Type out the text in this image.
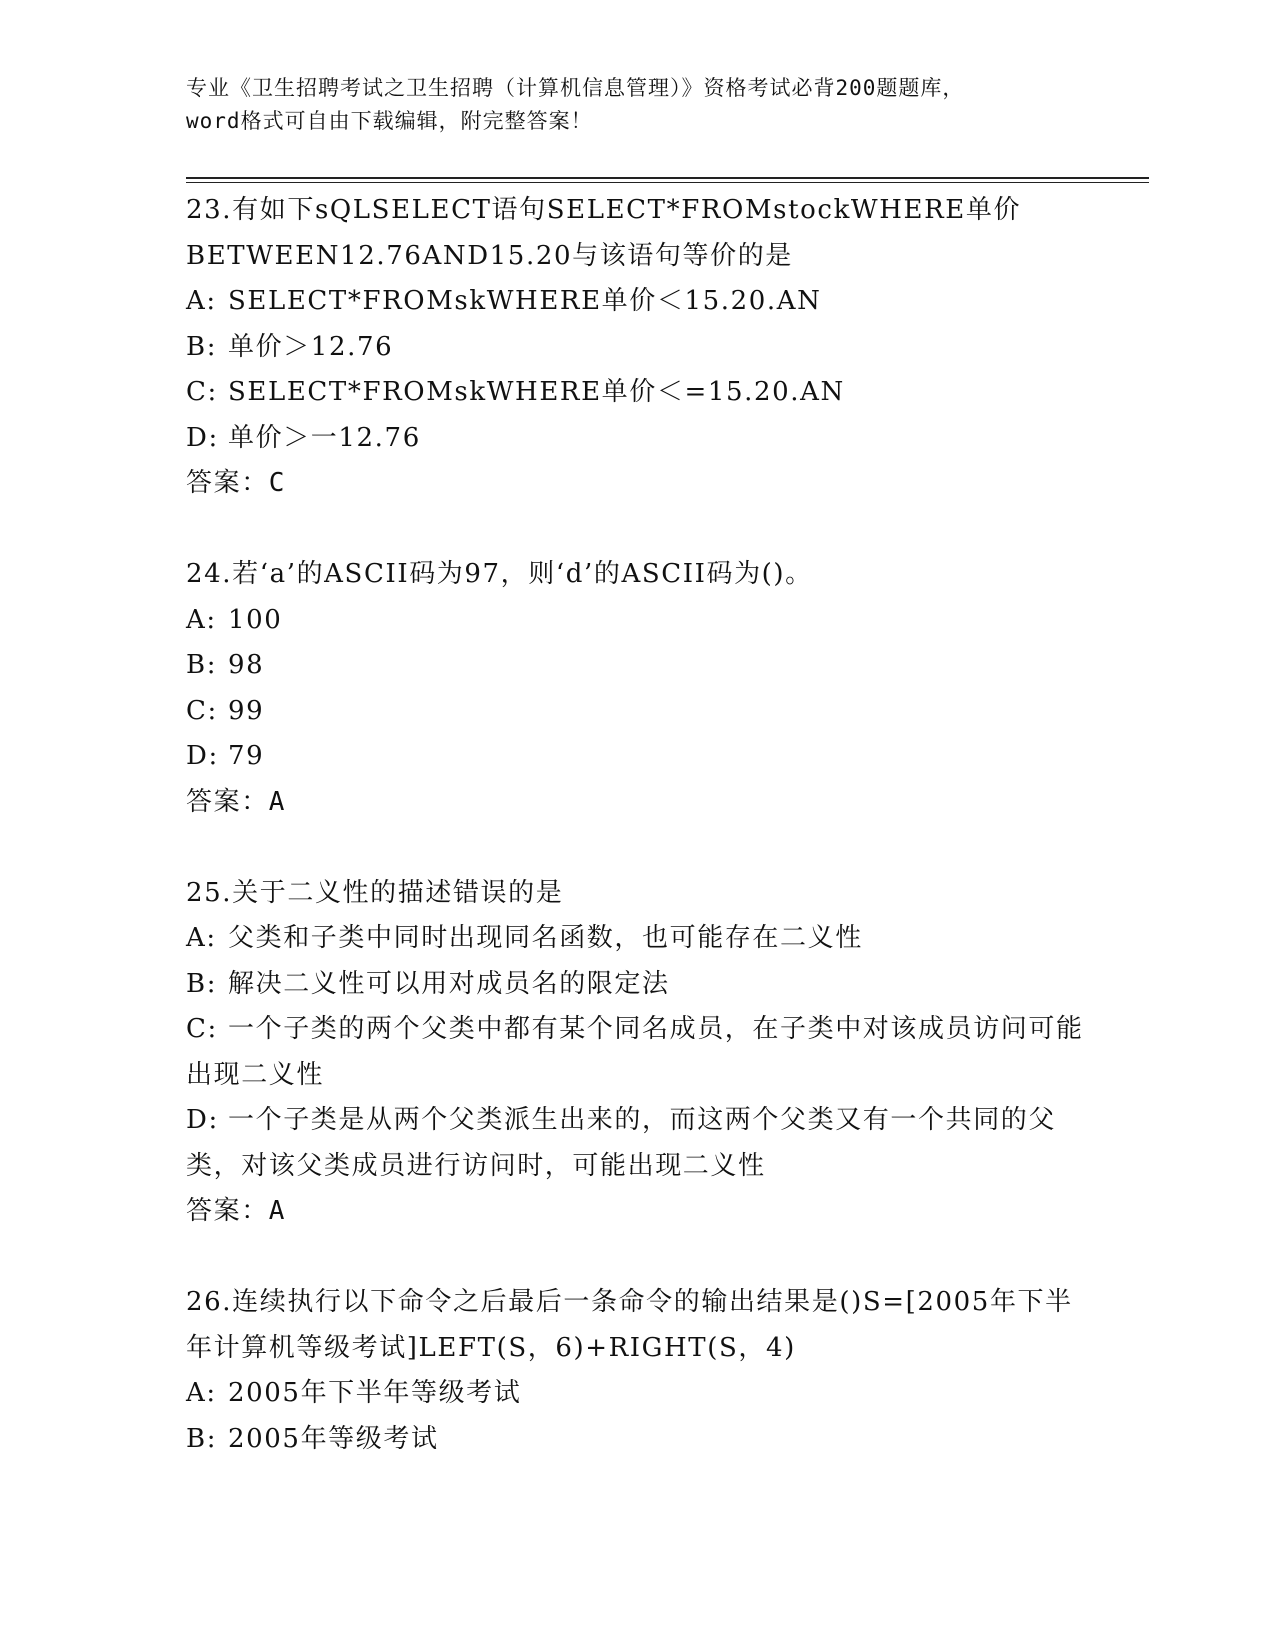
专业《卫生招聘考试之卫生招聘（计算机信息管理）》资格考试必背200题题库，
word格式可自由下载编辑，附完整答案！

23.有如下sQLSELECT语句SELECT*FROMstockWHERE单价BETWEEN12.76AND15.20与该语句等价的是

A: SELECT*FROMskWHERE单价＜15.20.AN

B: 单价＞12.76

C: SELECT*FROMskWHERE单价＜=15.20.AN

D: 单价＞一12.76

答案：C

24.若‘a’的ASCII码为97，则‘d’的ASCII码为()。

A: 100

B: 98

C: 99

D: 79

答案：A

25.关于二义性的描述错误的是

A: 父类和子类中同时出现同名函数，也可能存在二义性

B: 解决二义性可以用对成员名的限定法

C: 一个子类的两个父类中都有某个同名成员，在子类中对该成员访问可能出现二义性

D: 一个子类是从两个父类派生出来的，而这两个父类又有一个共同的父类，对该父类成员进行访问时，可能出现二义性

答案：A

26.连续执行以下命令之后最后一条命令的输出结果是()S=[2005年下半年计算机等级考试]LEFT(S，6)+RIGHT(S，4)

A: 2005年下半年等级考试

B: 2005年等级考试
